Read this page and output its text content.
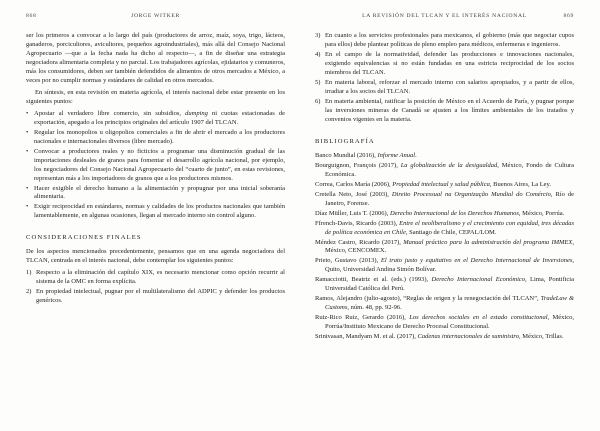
868	JORGE WITKER

ser los primeros a convocar a lo largo del país (productores de arroz, maíz, soya, trigo, lácteos, ganaderos, porcicultores, avicultores, pequeños agroindustriales), más allá del Consejo Nacional Agropecuario —que a la fecha nada ha dicho al respecto—, a fin de diseñar una estrategia negociadora alimentaria completa y no parcial. Los trabajadores agrícolas, ejidatarios y comuneros, más los consumidores, deben ser también defendidos de alimentos de otros mercados a México, a veces por no cumplir normas y estándares de calidad en otros mercados.

En síntesis, en esta revisión en materia agrícola, el interés nacional debe estar presente en los siguientes puntos:

• Apostar al verdadero libre comercio, sin subsidios, dumping ni cuotas estacionadas de exportación, apegado a los principios originales del artículo 1907 del TLCAN.
• Regular los monopolios u oligopolios comerciales a fin de abrir el mercado a los productores nacionales e internacionales diversos (libre mercado).
• Convocar a productores reales y no ficticios a programar una disminución gradual de las importaciones desleales de granos para fomentar el desarrollo agrícola nacional, por ejemplo, los negociadores del Consejo Nacional Agropecuario del “cuarto de junto”, en estas revisiones, representan más a los importadores de granos que a los productores mismos.
• Hacer exigible el derecho humano a la alimentación y propugnar por una inicial soberanía alimentaria.
• Exigir reciprocidad en estándares, normas y calidades de los productos nacionales que también lamentablemente, en algunas ocasiones, llegan al mercado interno sin control alguno.
CONSIDERACIONES FINALES

De los aspectos mencionados precedentemente, pensamos que en una agenda negociadora del TLCAN, centrada en el interés nacional, debe contemplar los siguientes puntos:

1) Respecto a la eliminación del capítulo XIX, es necesario mencionar como opción recurrir al sistema de la OMC en forma explícita.
2) En propiedad intelectual, pugnar por el multilateralismo del ADPIC y defender los productos genéricos.
LA REVISIÓN DEL TLCAN Y EL INTERÉS NACIONAL	869
3) En cuanto a los servicios profesionales para mexicanos, el gobierno (más que negociar cupos para ellos) debe plantear políticas de pleno empleo para médicos, enfermeras e ingenieros.
4) En el campo de la normatividad, defender las producciones e innovaciones nacionales, exigiendo equivalencias si no están fundadas en una estricta reciprocidad de los socios miembros del TLCAN.
5) En materia laboral, reforzar el mercado interno con salarios apropiados, y a partir de ellos, irradiar a los socios del TLCAN.
6) En materia ambiental, ratificar la posición de México en el Acuerdo de París, y pugnar porque las inversiones mineras de Canadá se ajusten a los límites ambientales de los tratados y convenios vigentes en la materia.
BIBLIOGRAFÍA
Banco Mundial (2016), Informe Anual.
Bourguignon, François (2017), La globalización de la desigualdad, México, Fondo de Cultura Económica.
Correa, Carlos María (2006), Propiedad intelectual y salud pública, Buenos Aires, La Ley.
Cretella Neto, José (2003), Direito Processual na Organização Mundial do Comércio, Río de Janeiro, Forense.
Díaz Müller, Luis T. (2006), Derecho Internacional de los Derechos Humanos, México, Porrúa.
Ffrench-Davis, Ricardo (2003), Entre el neoliberalismo y el crecimiento con equidad, tres décadas de política económica en Chile, Santiago de Chile, CEPAL/LOM.
Méndez Castro, Ricardo (2017), Manual práctico para la administración del programa IMMEX, México, CENCOMEX.
Prieto, Gustavo (2013), El trato justo y equitativo en el Derecho Internacional de Inversiones, Quito, Universidad Andina Simón Bolívar.
Ramacciotti, Beatriz et al. (eds.) (1993), Derecho Internacional Económico, Lima, Pontificia Universidad Católica del Perú.
Ramos, Alejandro (julio-agosto), “Reglas de origen y la renegociación del TLCAN”, TradeLaw & Customs, núm. 48, pp. 92-96.
Ruiz-Rico Ruiz, Gerardo (2016), Los derechos sociales en el estado constitucional, México, Porrúa/Instituto Mexicano de Derecho Procesal Constitucional.
Srinivasan, Mandyam M. et al. (2017), Cadenas internacionales de suministro, México, Trillas.
